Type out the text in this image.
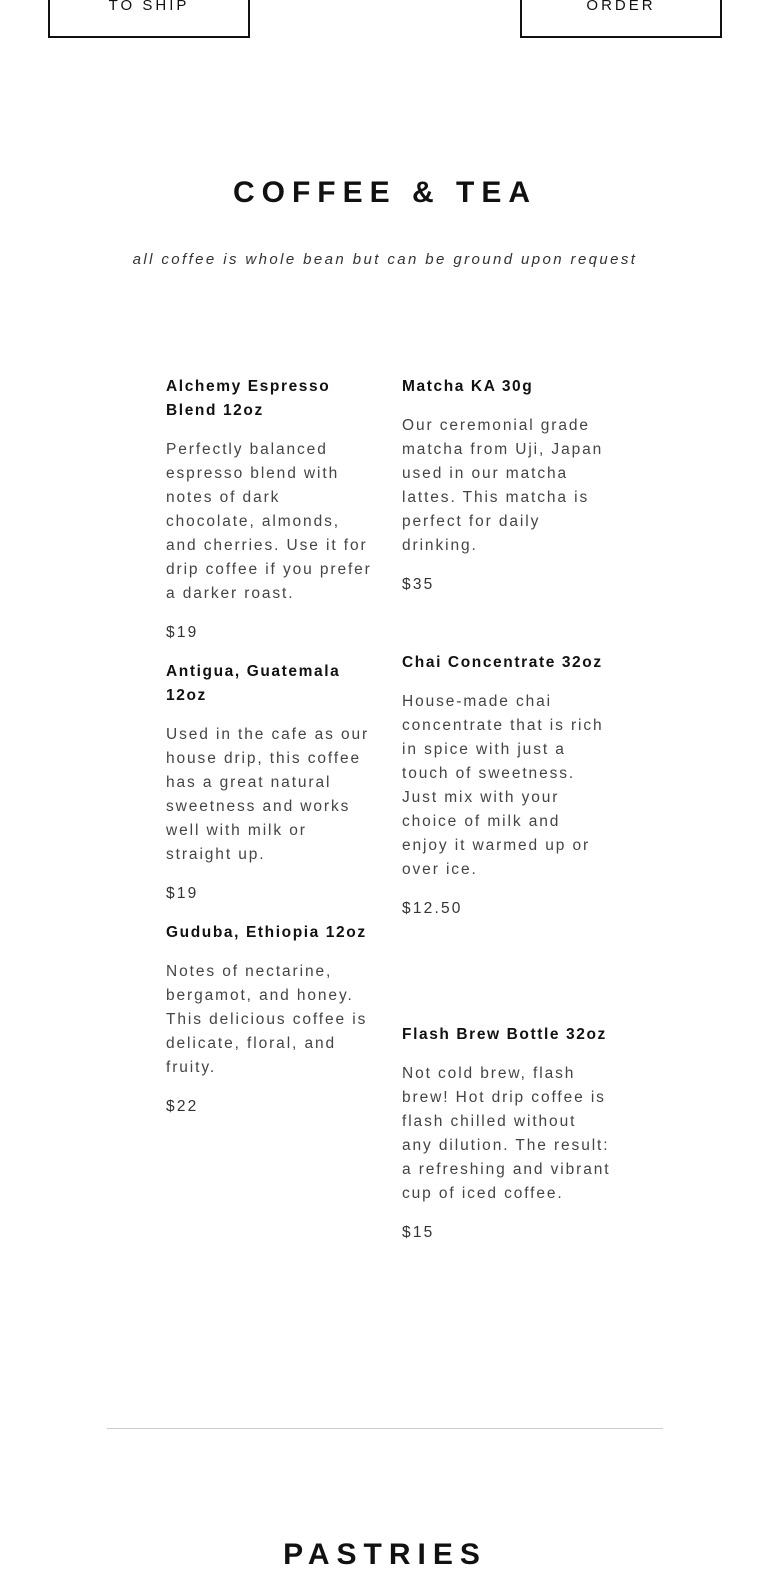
TO SHIP	ORDER
COFFEE & TEA

all coffee is whole bean but can be ground upon request

Alchemy Espresso Blend 12oz
Perfectly balanced espresso blend with notes of dark chocolate, almonds, and cherries. Use it for drip coffee if you prefer a darker roast.
$19
Antigua, Guatemala 12oz
Used in the cafe as our house drip, this coffee has a great natural sweetness and works well with milk or straight up.
$19
Guduba, Ethiopia 12oz
Notes of nectarine, bergamot, and honey. This delicious coffee is delicate, floral, and fruity.
$22
Matcha KA 30g
Our ceremonial grade matcha from Uji, Japan used in our matcha lattes. This matcha is perfect for daily drinking.
$35
Chai Concentrate 32oz
House-made chai concentrate that is rich in spice with just a touch of sweetness. Just mix with your choice of milk and enjoy it warmed up or over ice.
$12.50
Flash Brew Bottle 32oz
Not cold brew, flash brew! Hot drip coffee is flash chilled without any dilution. The result: a refreshing and vibrant cup of iced coffee.
$15
PASTRIES
